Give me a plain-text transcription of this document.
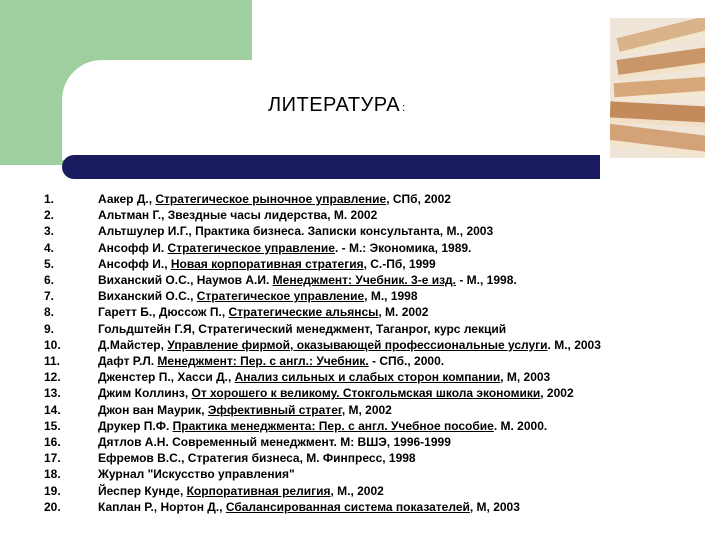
ЛИТЕРАТУРА :
1.	Аакер Д., Стратегическое рыночное управление, СПб, 2002
2.	Альтман Г., Звездные часы лидерства, М. 2002
3.	Альтшулер И.Г., Практика бизнеса. Записки консультанта, М., 2003
4.	Ансофф И. Стратегическое управление. - М.: Экономика, 1989.
5.	Ансофф И., Новая корпоративная стратегия, С.-Пб, 1999
6.	Виханский О.С., Наумов А.И. Менеджмент: Учебник. 3-е изд. - М., 1998.
7.	Виханский О.С., Стратегическое управление, М., 1998
8.	Гаретт Б., Дюссож П., Стратегические альянсы, М. 2002
9.	Гольдштейн Г.Я, Стратегический менеджмент, Таганрог, курс лекций
10.	Д.Майстер, Управление фирмой, оказывающей профессиональные услуги. М., 2003
11.	Дафт Р.Л. Менеджмент: Пер. с англ.: Учебник. - СПб., 2000.
12.	Дженстер П., Хасси Д., Анализ сильных и слабых сторон компании, М, 2003
13.	Джим Коллинз, От хорошего к великому. Стокгольмская школа экономики, 2002
14.	Джон ван Маурик, Эффективный стратег, М, 2002
15.	Друкер П.Ф. Практика менеджмента: Пер. с англ. Учебное пособие. М. 2000.
16.	Дятлов А.Н. Современный менеджмент. М: ВШЭ, 1996-1999
17.	Ефремов В.С., Стратегия бизнеса, М. Финпресс, 1998
18.	Журнал "Искусство управления"
19.	Йеспер Кунде, Корпоративная религия, М., 2002
20.	Каплан Р., Нортон Д., Сбалансированная система показателей, М, 2003
